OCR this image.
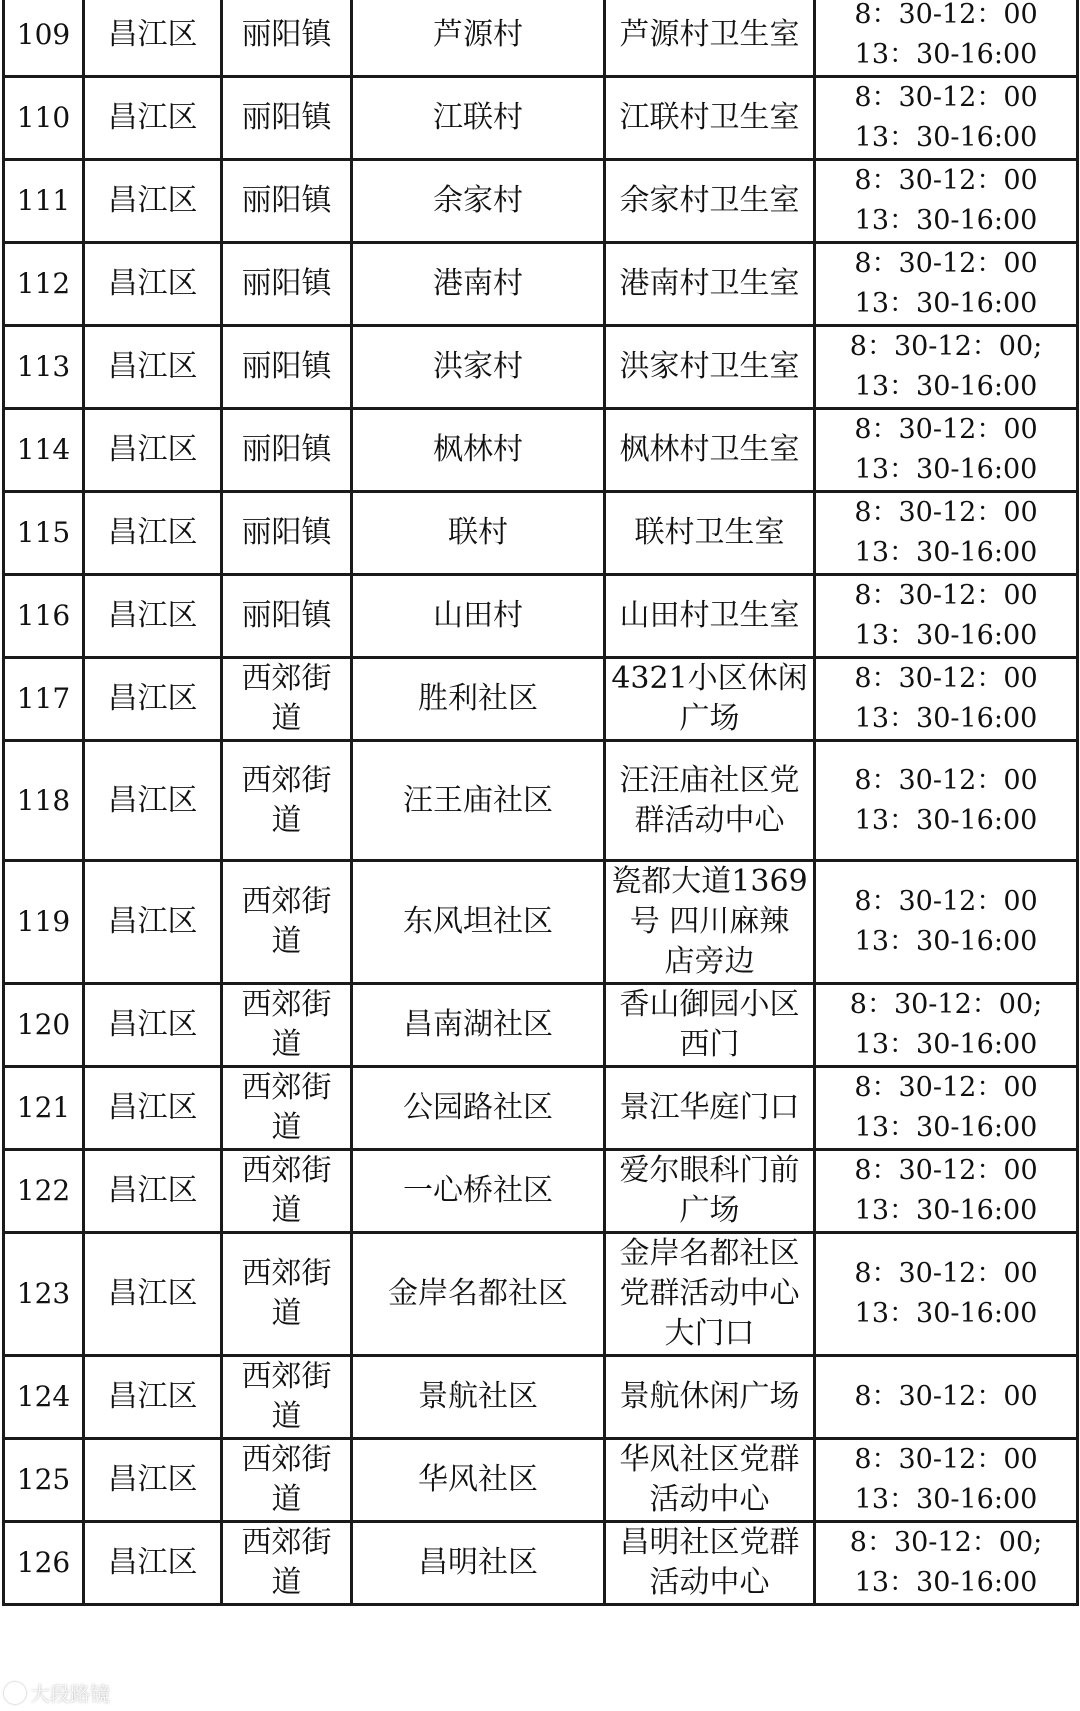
109	昌江区	丽阳镇	芦源村	芦源村卫生室	8：30-12：00
13：30-16:00
110	昌江区	丽阳镇	江联村	江联村卫生室	8：30-12：00
13：30-16:00
111	昌江区	丽阳镇	余家村	余家村卫生室	8：30-12：00
13：30-16:00
112	昌江区	丽阳镇	港南村	港南村卫生室	8：30-12：00
13：30-16:00
113	昌江区	丽阳镇	洪家村	洪家村卫生室	8：30-12：00;
13：30-16:00
114	昌江区	丽阳镇	枫林村	枫林村卫生室	8：30-12：00
13：30-16:00
115	昌江区	丽阳镇	联村	联村卫生室	8：30-12：00
13：30-16:00
116	昌江区	丽阳镇	山田村	山田村卫生室	8：30-12：00
13：30-16:00
117	昌江区	西郊街
道	胜利社区	4321小区休闲
广场	8：30-12：00
13：30-16:00
118	昌江区	西郊街
道	汪王庙社区	汪汪庙社区党
群活动中心	8：30-12：00
13：30-16:00
119	昌江区	西郊街
道	东风坦社区	瓷都大道1369
号 四川麻辣
店旁边	8：30-12：00
13：30-16:00
120	昌江区	西郊街
道	昌南湖社区	香山御园小区
西门	8：30-12：00;
13：30-16:00
121	昌江区	西郊街
道	公园路社区	景江华庭门口	8：30-12：00
13：30-16:00
122	昌江区	西郊街
道	一心桥社区	爱尔眼科门前
广场	8：30-12：00
13：30-16:00
123	昌江区	西郊街
道	金岸名都社区	金岸名都社区
党群活动中心
大门口	8：30-12：00
13：30-16:00
124	昌江区	西郊街
道	景航社区	景航休闲广场	8：30-12：00
125	昌江区	西郊街
道	华风社区	华风社区党群
活动中心	8：30-12：00
13：30-16:00
126	昌江区	西郊街
道	昌明社区	昌明社区党群
活动中心	8：30-12：00;
13：30-16:00
大段路镜
